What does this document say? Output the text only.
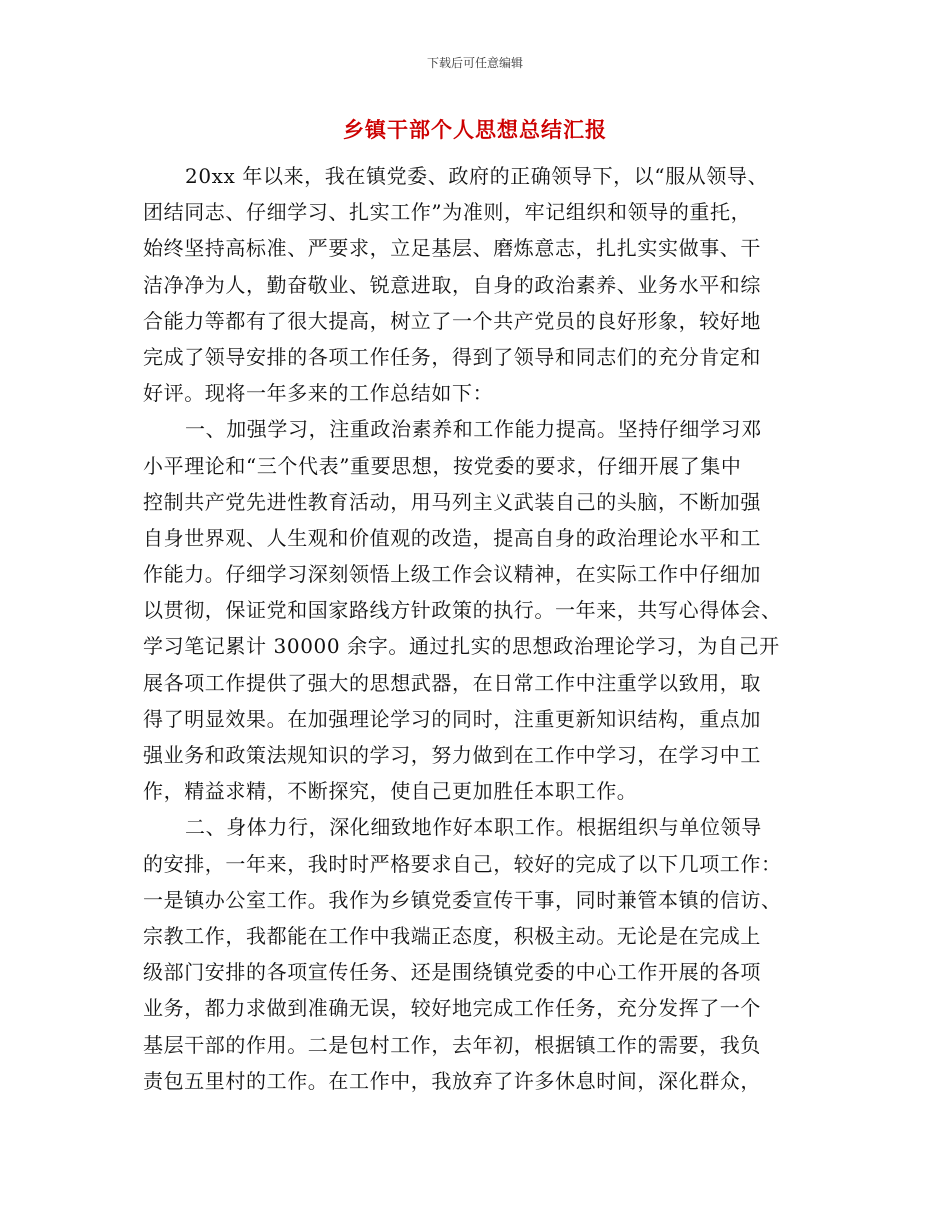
下载后可任意编辑
乡镇干部个人思想总结汇报
20xx 年以来，我在镇党委、政府的正确领导下，以“服从领导、
团结同志、仔细学习、扎实工作”为准则，牢记组织和领导的重托，
始终坚持高标准、严要求，立足基层、磨炼意志，扎扎实实做事、干
洁净净为人，勤奋敬业、锐意进取，自身的政治素养、业务水平和综
合能力等都有了很大提高，树立了一个共产党员的良好形象，较好地
完成了领导安排的各项工作任务，得到了领导和同志们的充分肯定和
好评。现将一年多来的工作总结如下：
一、加强学习，注重政治素养和工作能力提高。坚持仔细学习邓
小平理论和“三个代表”重要思想，按党委的要求，仔细开展了集中
控制共产党先进性教育活动，用马列主义武装自己的头脑，不断加强
自身世界观、人生观和价值观的改造，提高自身的政治理论水平和工
作能力。仔细学习深刻领悟上级工作会议精神，在实际工作中仔细加
以贯彻，保证党和国家路线方针政策的执行。一年来，共写心得体会、
学习笔记累计 30000 余字。通过扎实的思想政治理论学习，为自己开
展各项工作提供了强大的思想武器，在日常工作中注重学以致用，取
得了明显效果。在加强理论学习的同时，注重更新知识结构，重点加
强业务和政策法规知识的学习，努力做到在工作中学习，在学习中工
作，精益求精，不断探究，使自己更加胜任本职工作。
二、身体力行，深化细致地作好本职工作。根据组织与单位领导
的安排，一年来，我时时严格要求自己，较好的完成了以下几项工作：
一是镇办公室工作。我作为乡镇党委宣传干事，同时兼管本镇的信访、
宗教工作，我都能在工作中我端正态度，积极主动。无论是在完成上
级部门安排的各项宣传任务、还是围绕镇党委的中心工作开展的各项
业务，都力求做到准确无误，较好地完成工作任务，充分发挥了一个
基层干部的作用。二是包村工作，去年初，根据镇工作的需要，我负
责包五里村的工作。在工作中，我放弃了许多休息时间，深化群众，
